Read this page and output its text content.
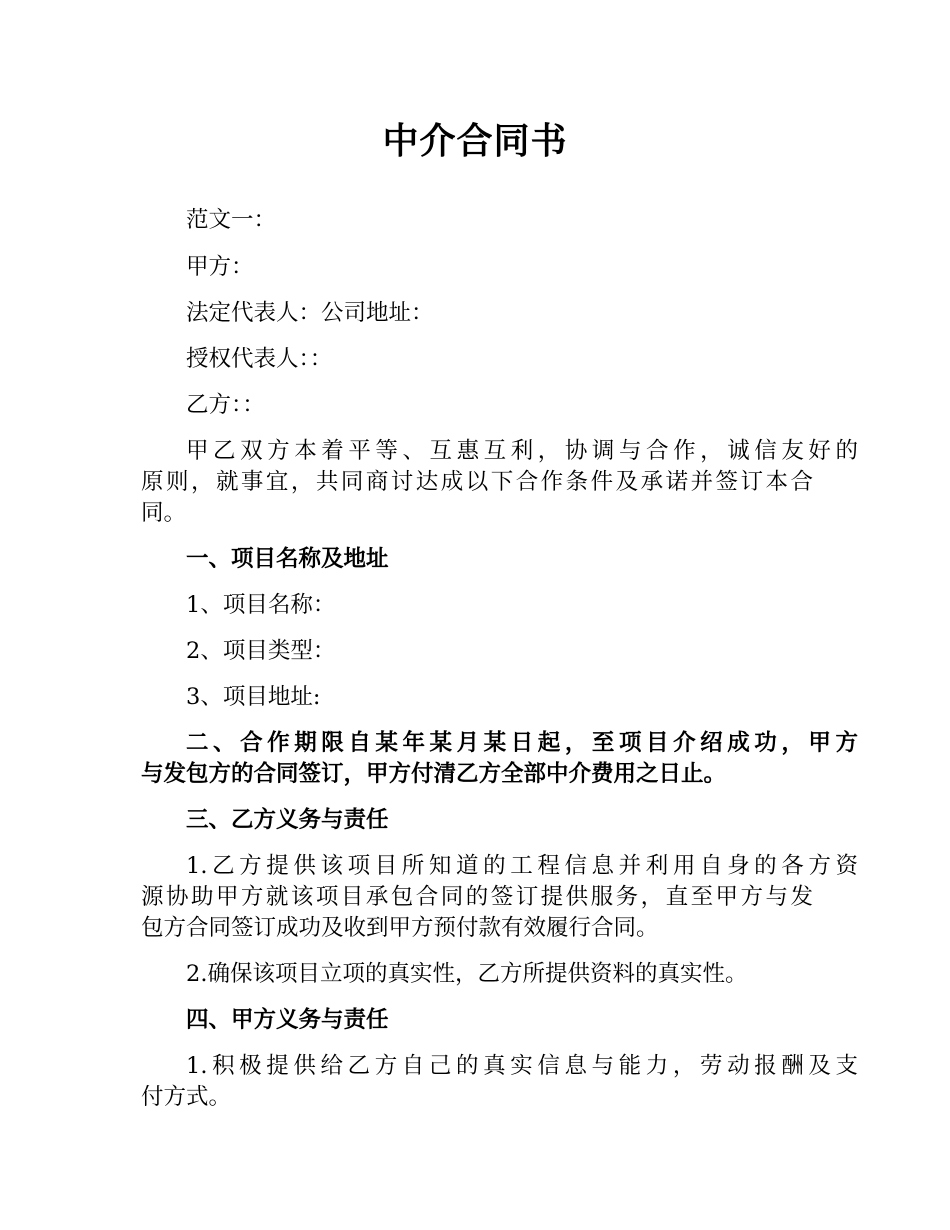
中介合同书
范文一：
甲方：
法定代表人：公司地址：
授权代表人：：
乙方：：
甲乙双方本着平等、互惠互利，协调与合作，诚信友好的
原则，就事宜，共同商讨达成以下合作条件及承诺并签订本合
同。
一、项目名称及地址
1、项目名称：
2、项目类型：
3、项目地址:
二、合作期限自某年某月某日起，至项目介绍成功，甲方
与发包方的合同签订，甲方付清乙方全部中介费用之日止。
三、乙方义务与责任
1.乙方提供该项目所知道的工程信息并利用自身的各方资
源协助甲方就该项目承包合同的签订提供服务，直至甲方与发
包方合同签订成功及收到甲方预付款有效履行合同。
2.确保该项目立项的真实性，乙方所提供资料的真实性。
四、甲方义务与责任
1.积极提供给乙方自己的真实信息与能力，劳动报酬及支
付方式。
